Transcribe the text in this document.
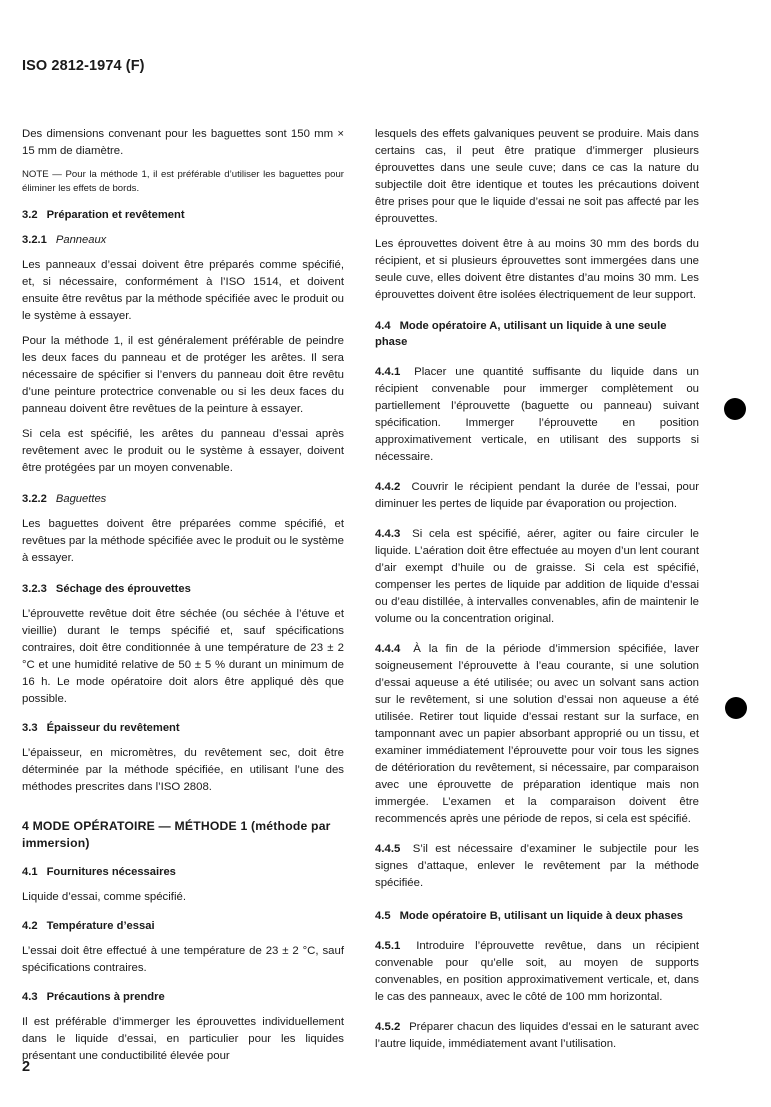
ISO 2812-1974 (F)

Des dimensions convenant pour les baguettes sont 150 mm × 15 mm de diamètre.

NOTE — Pour la méthode 1, il est préférable d’utiliser les baguettes pour éliminer les effets de bords.

3.2 Préparation et revêtement
3.2.1 Panneaux

Les panneaux d’essai doivent être préparés comme spécifié, et, si nécessaire, conformément à l’ISO 1514, et doivent ensuite être revêtus par la méthode spécifiée avec le produit ou le système à essayer.

Pour la méthode 1, il est généralement préférable de peindre les deux faces du panneau et de protéger les arêtes. Il sera nécessaire de spécifier si l’envers du panneau doit être revêtu d’une peinture protectrice convenable ou si les deux faces du panneau doivent être revêtues de la peinture à essayer.

Si cela est spécifié, les arêtes du panneau d’essai après revêtement avec le produit ou le système à essayer, doivent être protégées par un moyen convenable.

3.2.2 Baguettes

Les baguettes doivent être préparées comme spécifié, et revêtues par la méthode spécifiée avec le produit ou le système à essayer.

3.2.3 Séchage des éprouvettes

L’éprouvette revêtue doit être séchée (ou séchée à l’étuve et vieillie) durant le temps spécifié et, sauf spécifications contraires, doit être conditionnée à une température de 23 ± 2 °C et une humidité relative de 50 ± 5 % durant un minimum de 16 h. Le mode opératoire doit alors être appliqué dès que possible.

3.3 Épaisseur du revêtement

L’épaisseur, en micromètres, du revêtement sec, doit être déterminée par la méthode spécifiée, en utilisant l’une des méthodes prescrites dans l’ISO 2808.

4 MODE OPÉRATOIRE — MÉTHODE 1 (méthode par immersion)
4.1 Fournitures nécessaires

Liquide d’essai, comme spécifié.

4.2 Température d’essai

L’essai doit être effectué à une température de 23 ± 2 °C, sauf spécifications contraires.

4.3 Précautions à prendre

Il est préférable d’immerger les éprouvettes individuellement dans le liquide d’essai, en particulier pour les liquides présentant une conductibilité élevée pour

lesquels des effets galvaniques peuvent se produire. Mais dans certains cas, il peut être pratique d’immerger plusieurs éprouvettes dans une seule cuve; dans ce cas la nature du subjectile doit être identique et toutes les précautions doivent être prises pour que le liquide d’essai ne soit pas affecté par les éprouvettes.

Les éprouvettes doivent être à au moins 30 mm des bords du récipient, et si plusieurs éprouvettes sont immergées dans une seule cuve, elles doivent être distantes d’au moins 30 mm. Les éprouvettes doivent être isolées électriquement de leur support.

4.4 Mode opératoire A, utilisant un liquide à une seule phase

4.4.1 Placer une quantité suffisante du liquide dans un récipient convenable pour immerger complètement ou partiellement l’éprouvette (baguette ou panneau) suivant spécification. Immerger l’éprouvette en position approximativement verticale, en utilisant des supports si nécessaire.

4.4.2 Couvrir le récipient pendant la durée de l’essai, pour diminuer les pertes de liquide par évaporation ou projection.

4.4.3 Si cela est spécifié, aérer, agiter ou faire circuler le liquide. L’aération doit être effectuée au moyen d’un lent courant d’air exempt d’huile ou de graisse. Si cela est spécifié, compenser les pertes de liquide par addition de liquide d’essai ou d’eau distillée, à intervalles convenables, afin de maintenir le volume ou la concentration original.

4.4.4 À la fin de la période d’immersion spécifiée, laver soigneusement l’éprouvette à l’eau courante, si une solution d’essai aqueuse a été utilisée; ou avec un solvant sans action sur le revêtement, si une solution d’essai non aqueuse a été utilisée. Retirer tout liquide d’essai restant sur la surface, en tamponnant avec un papier absorbant approprié ou un tissu, et examiner immédiatement l’éprouvette pour voir tous les signes de détérioration du revêtement, si nécessaire, par comparaison avec une éprouvette de préparation identique mais non immergée. L’examen et la comparaison doivent être recommencés après une période de repos, si cela est spécifié.

4.4.5 S’il est nécessaire d’examiner le subjectile pour les signes d’attaque, enlever le revêtement par la méthode spécifiée.

4.5 Mode opératoire B, utilisant un liquide à deux phases

4.5.1 Introduire l’éprouvette revêtue, dans un récipient convenable pour qu’elle soit, au moyen de supports convenables, en position approximativement verticale, et, dans le cas des panneaux, avec le côté de 100 mm horizontal.

4.5.2 Préparer chacun des liquides d’essai en le saturant avec l’autre liquide, immédiatement avant l’utilisation.

2
